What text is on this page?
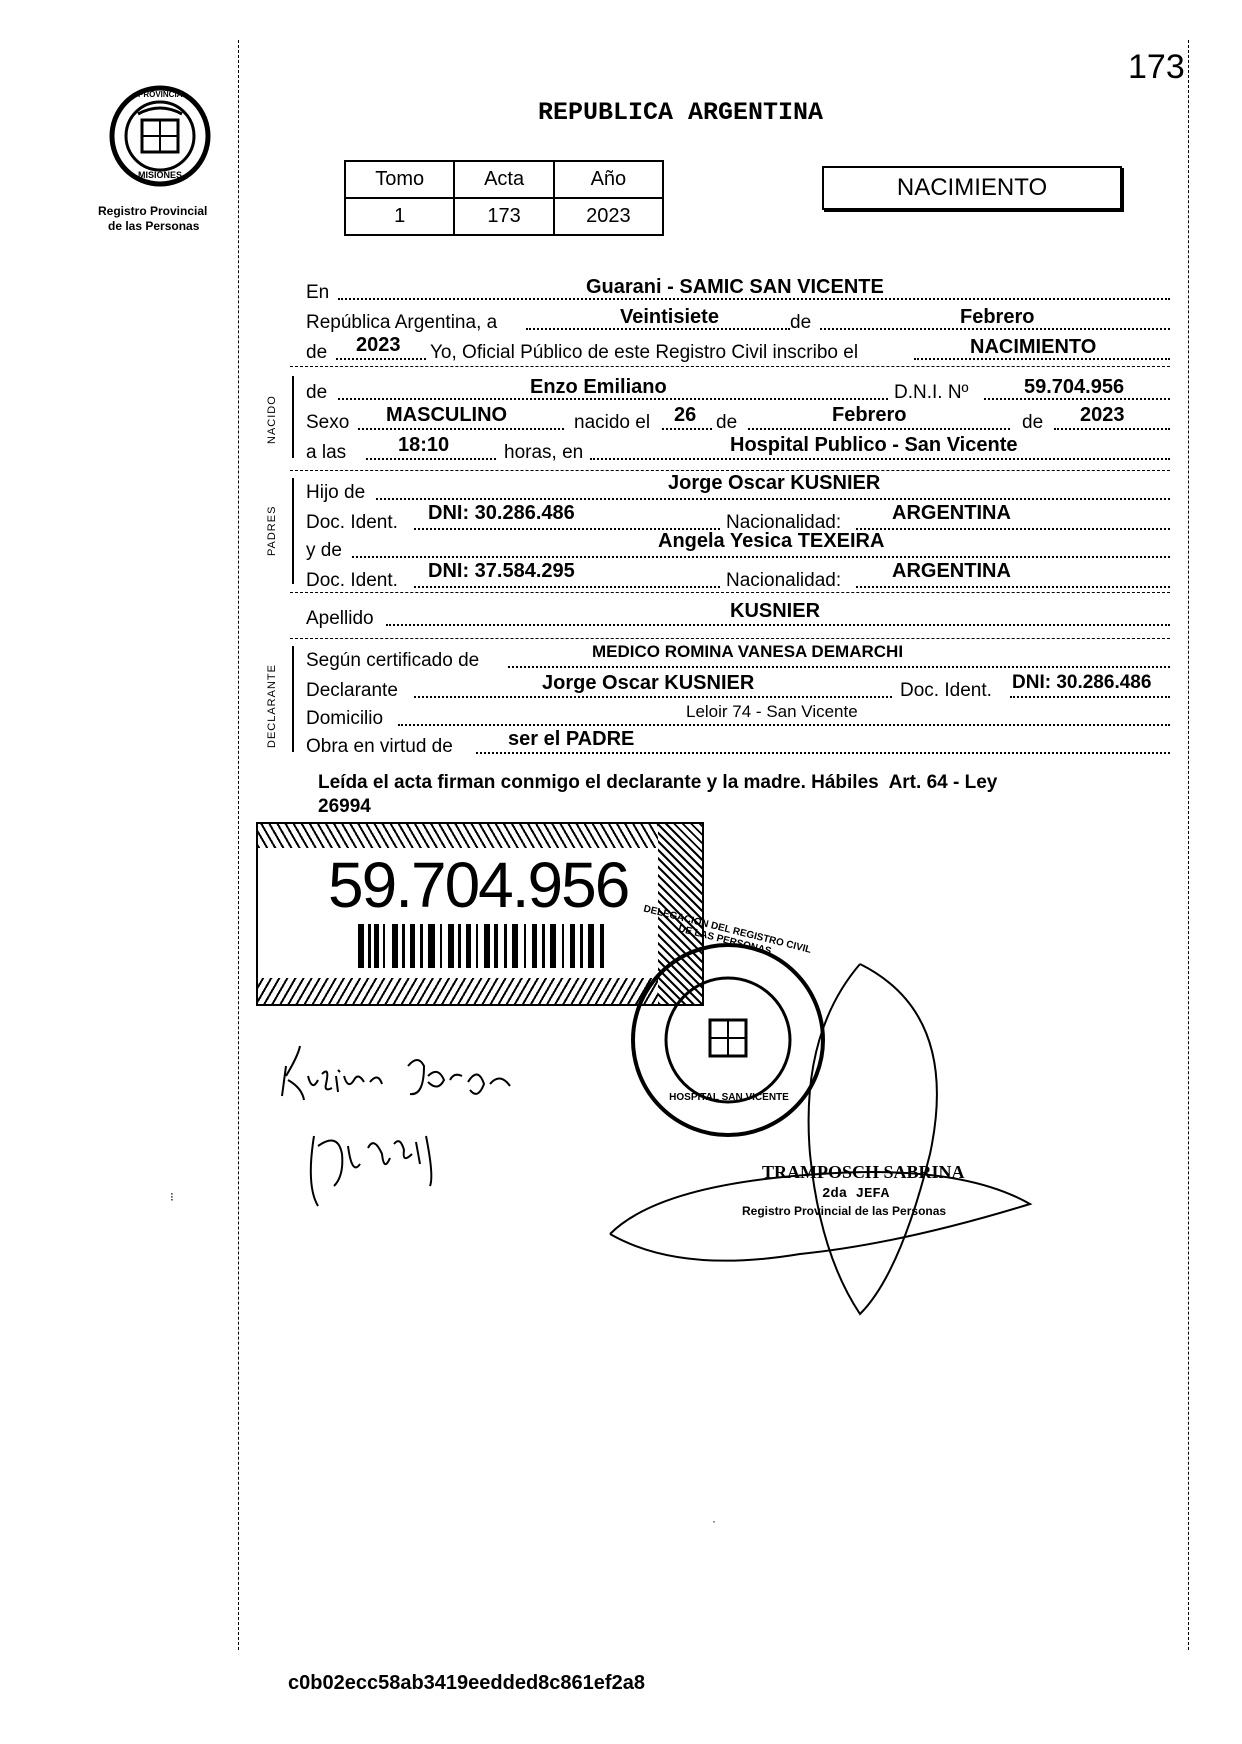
173
PROVINCIA
MISIONES
Registro Provincial
de las Personas
REPUBLICA ARGENTINA
Tomo	Acta	Año
1	173	2023
NACIMIENTO
NACIDO
PADRES
DECLARANTE
En	Guarani - SAMIC SAN VICENTE
República Argentina, a	Veintisiete	de	Febrero
de 2023 Yo, Oficial Público de este Registro Civil inscribo el	NACIMIENTO
de	Enzo Emiliano	D.N.I. Nº	59.704.956
Sexo MASCULINO	nacido el 26 de	Febrero	de 2023
a las	18:10	horas, en	Hospital Publico - San Vicente
Hijo de	Jorge Oscar KUSNIER
Doc. Ident. DNI: 30.286.486	Nacionalidad:	ARGENTINA
y de	Angela Yesica TEXEIRA
Doc. Ident. DNI: 37.584.295	Nacionalidad:	ARGENTINA
Apellido	KUSNIER
Según certificado de	MEDICO ROMINA VANESA DEMARCHI
Declarante	Jorge Oscar KUSNIER	Doc. Ident. DNI: 30.286.486
Domicilio	Leloir 74 - San Vicente
Obra en virtud de	ser el PADRE
Leída el acta firman conmigo el declarante y la madre. Hábiles  Art. 64 - Ley
26994
59.704.956
DELEGACION DEL REGISTRO CIVIL DE LAS PERSONAS
HOSPITAL SAN VICENTE
TRAMPOSCH SABRINA
2da JEFA
Registro Provincial de las Personas
⁝
·
c0b02ecc58ab3419eedded8c861ef2a8
